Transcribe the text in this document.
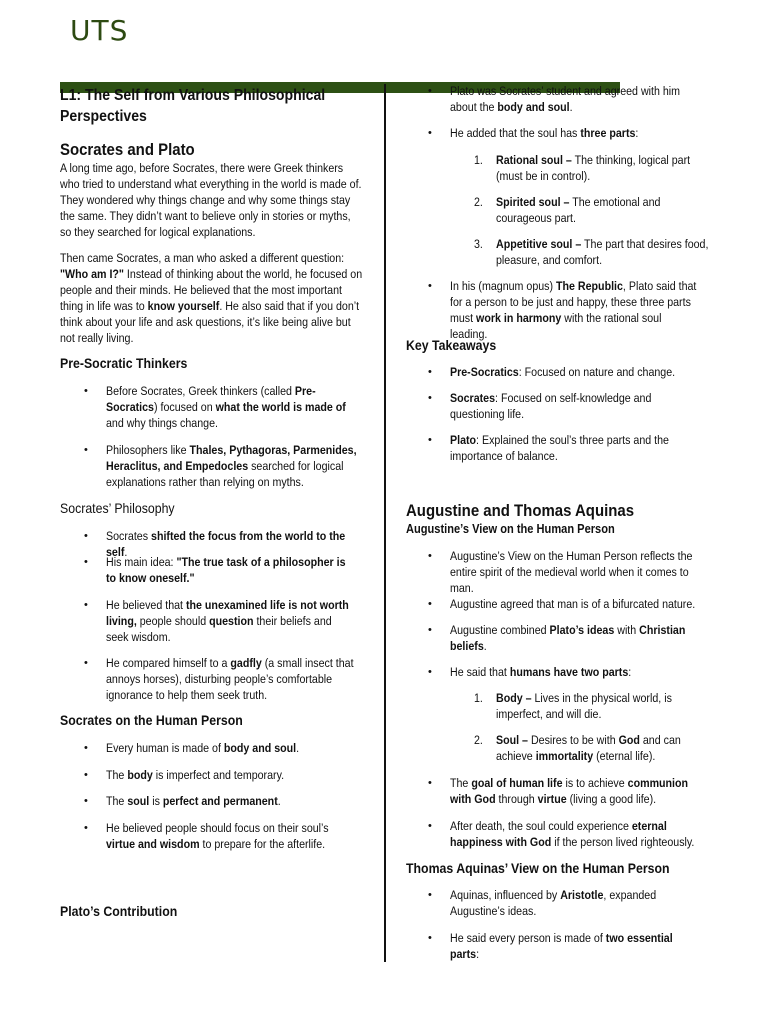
UTS
L1: The Self from Various Philosophical Perspectives
Socrates and Plato

A long time ago, before Socrates, there were Greek thinkers who tried to understand what everything in the world is made of. They wondered why things change and why some things stay the same. They didn’t want to believe only in stories or myths, so they searched for logical explanations.

Then came Socrates, a man who asked a different question: "Who am I?" Instead of thinking about the world, he focused on people and their minds. He believed that the most important thing in life was to know yourself. He also said that if you don’t think about your life and ask questions, it’s like being alive but not really living.

Pre-Socratic Thinkers
• Before Socrates, Greek thinkers (called Pre-Socratics) focused on what the world is made of and why things change.
• Philosophers like Thales, Pythagoras, Parmenides, Heraclitus, and Empedocles searched for logical explanations rather than relying on myths.
Socrates’ Philosophy
• Socrates shifted the focus from the world to the self.
• His main idea: "The true task of a philosopher is to know oneself."
• He believed that the unexamined life is not worth living, people should question their beliefs and seek wisdom.
• He compared himself to a gadfly (a small insect that annoys horses), disturbing people’s comfortable ignorance to help them seek truth.
Socrates on the Human Person
• Every human is made of body and soul.
• The body is imperfect and temporary.
• The soul is perfect and permanent.
• He believed people should focus on their soul’s virtue and wisdom to prepare for the afterlife.
Plato’s Contribution
• Plato was Socrates’ student and agreed with him about the body and soul.
• He added that the soul has three parts:
1. Rational soul – The thinking, logical part (must be in control).
2. Spirited soul – The emotional and courageous part.
3. Appetitive soul – The part that desires food, pleasure, and comfort.
• In his (magnum opus) The Republic, Plato said that for a person to be just and happy, these three parts must work in harmony with the rational soul leading.
Key Takeaways
• Pre-Socratics: Focused on nature and change.
• Socrates: Focused on self-knowledge and questioning life.
• Plato: Explained the soul’s three parts and the importance of balance.
Augustine and Thomas Aquinas
Augustine’s View on the Human Person
• Augustine’s View on the Human Person reflects the entire spirit of the medieval world when it comes to man.
• Augustine agreed that man is of a bifurcated nature.
• Augustine combined Plato’s ideas with Christian beliefs.
• He said that humans have two parts:
1. Body – Lives in the physical world, is imperfect, and will die.
2. Soul – Desires to be with God and can achieve immortality (eternal life).
• The goal of human life is to achieve communion with God through virtue (living a good life).
• After death, the soul could experience eternal happiness with God if the person lived righteously.
Thomas Aquinas’ View on the Human Person
• Aquinas, influenced by Aristotle, expanded Augustine’s ideas.
• He said every person is made of two essential parts:
